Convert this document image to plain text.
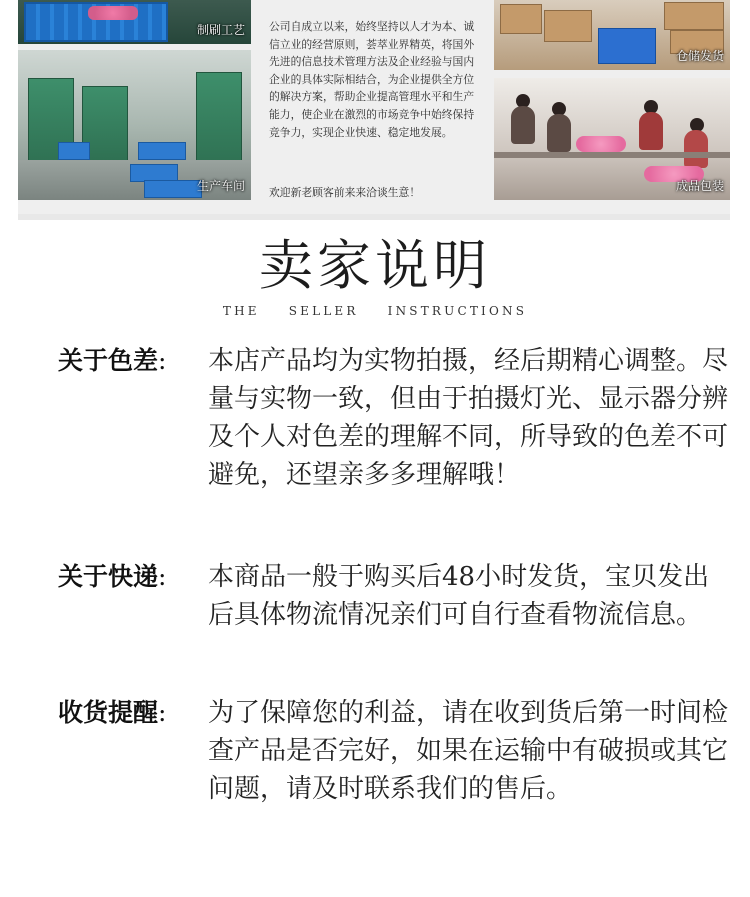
制刷工艺
生产车间
公司自成立以来，始终坚持以人才为本、诚信立业的经营原则，荟萃业界精英，将国外先进的信息技术管理方法及企业经验与国内企业的具体实际相结合，为企业提供全方位的解决方案，帮助企业提高管理水平和生产能力，使企业在激烈的市场竞争中始终保持竞争力，实现企业快速、稳定地发展。
欢迎新老顾客前来来洽谈生意！
仓储发货
成品包装
卖家说明
THE SELLER INSTRUCTIONS
关于色差:	本店产品均为实物拍摄，经后期精心调整。尽量与实物一致，但由于拍摄灯光、显示器分辨及个人对色差的理解不同，所导致的色差不可避免，还望亲多多理解哦！
关于快递:	本商品一般于购买后48小时发货，宝贝发出后具体物流情况亲们可自行查看物流信息。
收货提醒:	为了保障您的利益，请在收到货后第一时间检查产品是否完好，如果在运输中有破损或其它问题，请及时联系我们的售后。
